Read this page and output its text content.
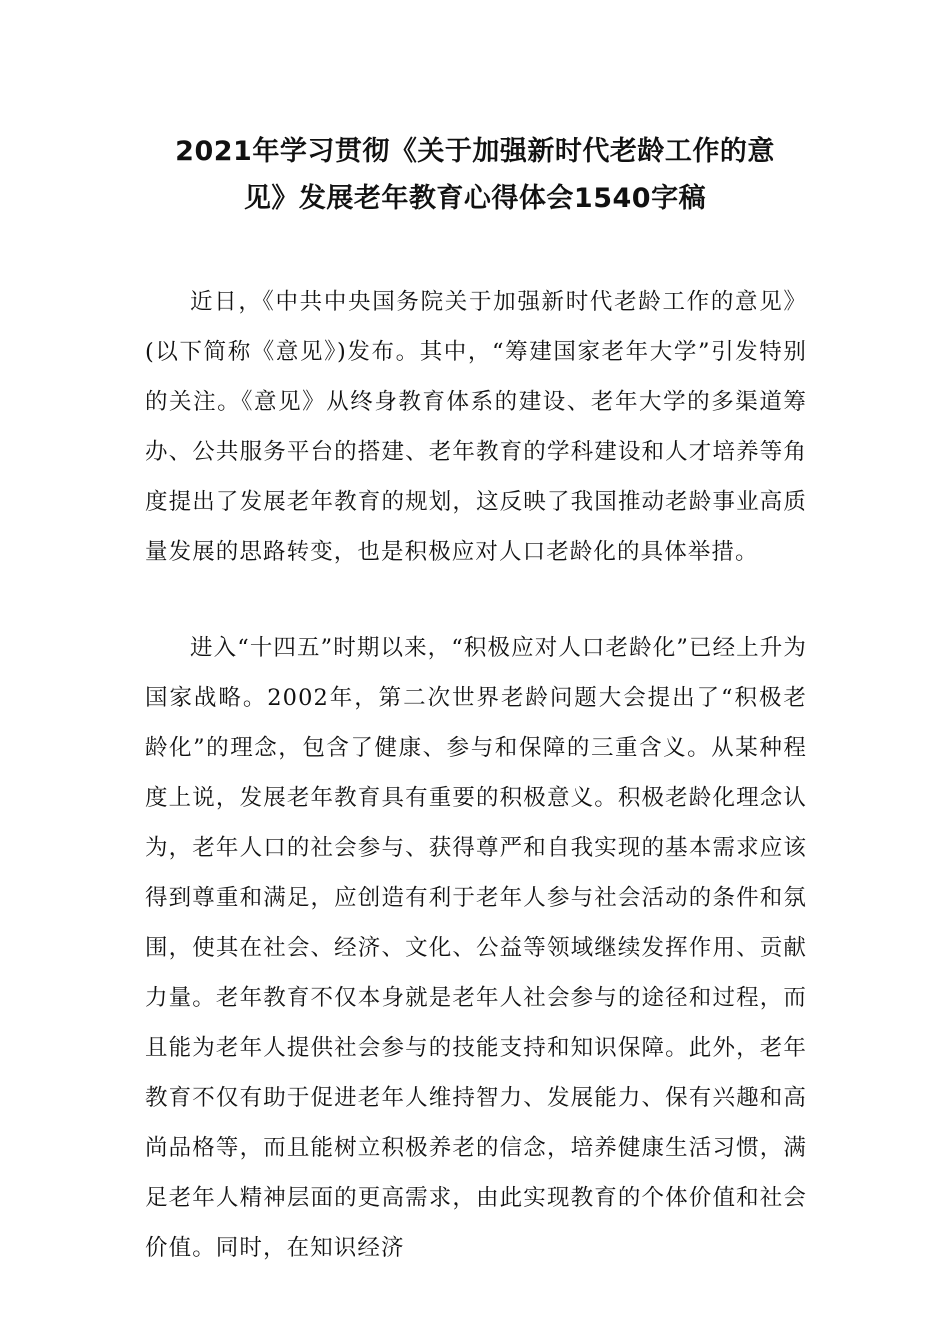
2021年学习贯彻《关于加强新时代老龄工作的意
见》发展老年教育心得体会1540字稿

近日，《中共中央国务院关于加强新时代老龄工作的意见》(以下简称《意见》)发布。其中，“筹建国家老年大学”引发特别的关注。《意见》从终身教育体系的建设、老年大学的多渠道筹办、公共服务平台的搭建、老年教育的学科建设和人才培养等角度提出了发展老年教育的规划，这反映了我国推动老龄事业高质量发展的思路转变，也是积极应对人口老龄化的具体举措。

进入“十四五”时期以来，“积极应对人口老龄化”已经上升为国家战略。2002年，第二次世界老龄问题大会提出了“积极老龄化”的理念，包含了健康、参与和保障的三重含义。从某种程度上说，发展老年教育具有重要的积极意义。积极老龄化理念认为，老年人口的社会参与、获得尊严和自我实现的基本需求应该得到尊重和满足，应创造有利于老年人参与社会活动的条件和氛围，使其在社会、经济、文化、公益等领域继续发挥作用、贡献力量。老年教育不仅本身就是老年人社会参与的途径和过程，而且能为老年人提供社会参与的技能支持和知识保障。此外，老年教育不仅有助于促进老年人维持智力、发展能力、保有兴趣和高尚品格等，而且能树立积极养老的信念，培养健康生活习惯，满足老年人精神层面的更高需求，由此实现教育的个体价值和社会价值。同时，在知识经济
